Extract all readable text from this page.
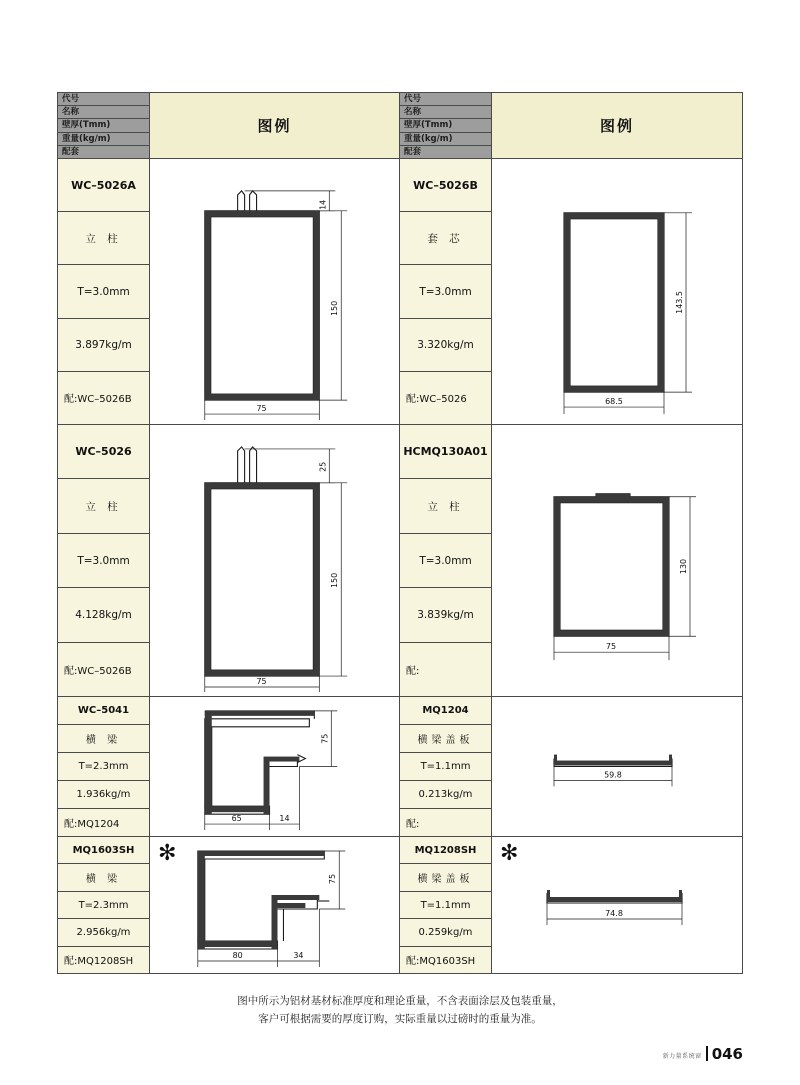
代号
名称
壁厚(Tmm)
重量(kg/m)
配套
图例
WC–5026A
立 柱
T=3.0mm
3.897kg/m
配:WC–5026B
14
150
75
WC–5026
立 柱
T=3.0mm
4.128kg/m
配:WC–5026B
25
150
75
WC–5041
横 梁
T=2.3mm
1.936kg/m
配:MQ1204
75
65	14
MQ1603SH
横 梁
T=2.3mm
2.956kg/m
配:MQ1208SH
✻
75
80	34
代号
名称
壁厚(Tmm)
重量(kg/m)
配套
图例
WC–5026B
套 芯
T=3.0mm
3.320kg/m
配:WC–5026
143.5
68.5
HCMQ130A01
立 柱
T=3.0mm
3.839kg/m
配:
130
75
MQ1204
横梁盖板
T=1.1mm
0.213kg/m
配:
59.8
MQ1208SH
横梁盖板
T=1.1mm
0.259kg/m
配:MQ1603SH
✻
74.8
图中所示为铝材基材标准厚度和理论重量，不含表面涂层及包装重量，
客户可根据需要的厚度订购，实际重量以过磅时的重量为准。
新力量系统窗 046
